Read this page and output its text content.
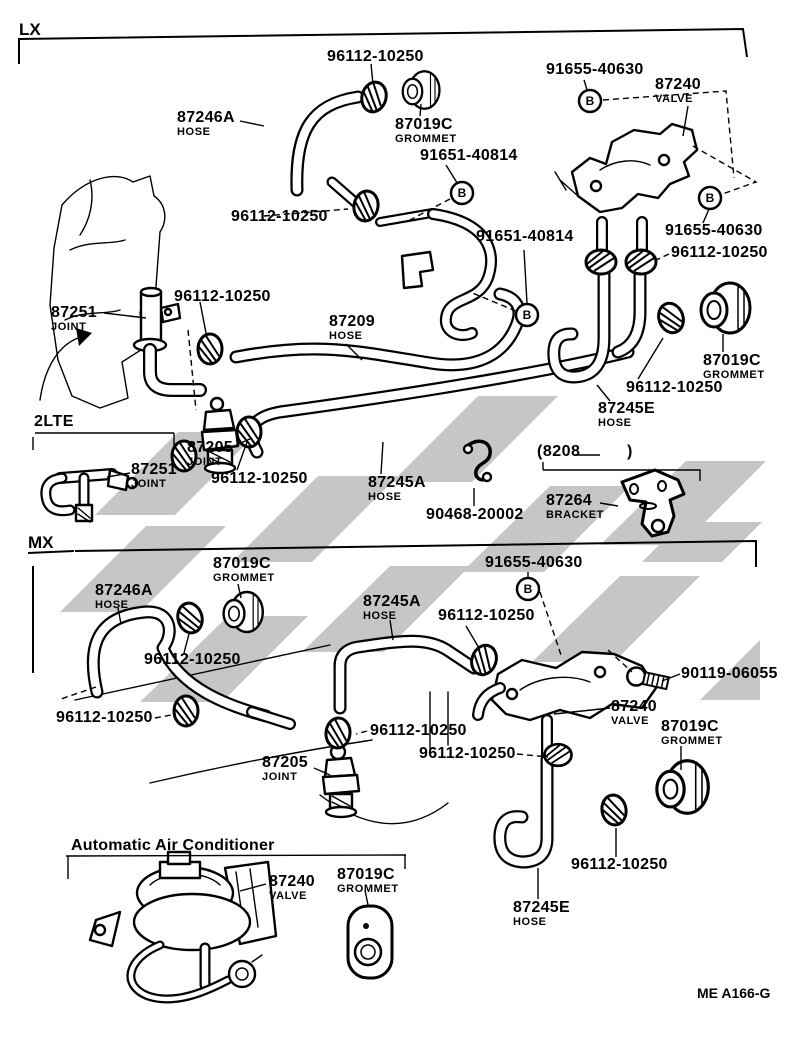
B
B
B
B
B
LX
MX
ME A166-G
96112-10250
91655-40630
87240
VALVE
87246A
HOSE	87019C
GROMMET
91651-40814
96112-10250
91651-40814	91655-40630
96112-10250
96112-10250
87251
JOINT	87209
HOSE
2LTE
87205
JOINT
87251
JOINT	96112-10250	87245A
HOSE
90468-20002
(8208	)
87264
BRACKET
87245E
HOSE
96112-10250
87019C
GROMMET
87019C
GROMMET
87246A
HOSE	87245A
HOSE
91655-40630
96112-10250
96112-10250
96112-10250
90119-06055
87240
VALVE 87019C
GROMMET
96112-10250
87205
JOINT
96112-10250
96112-10250
87245E
HOSE
Automatic Air Conditioner
87240
VALVE
87019C
GROMMET
